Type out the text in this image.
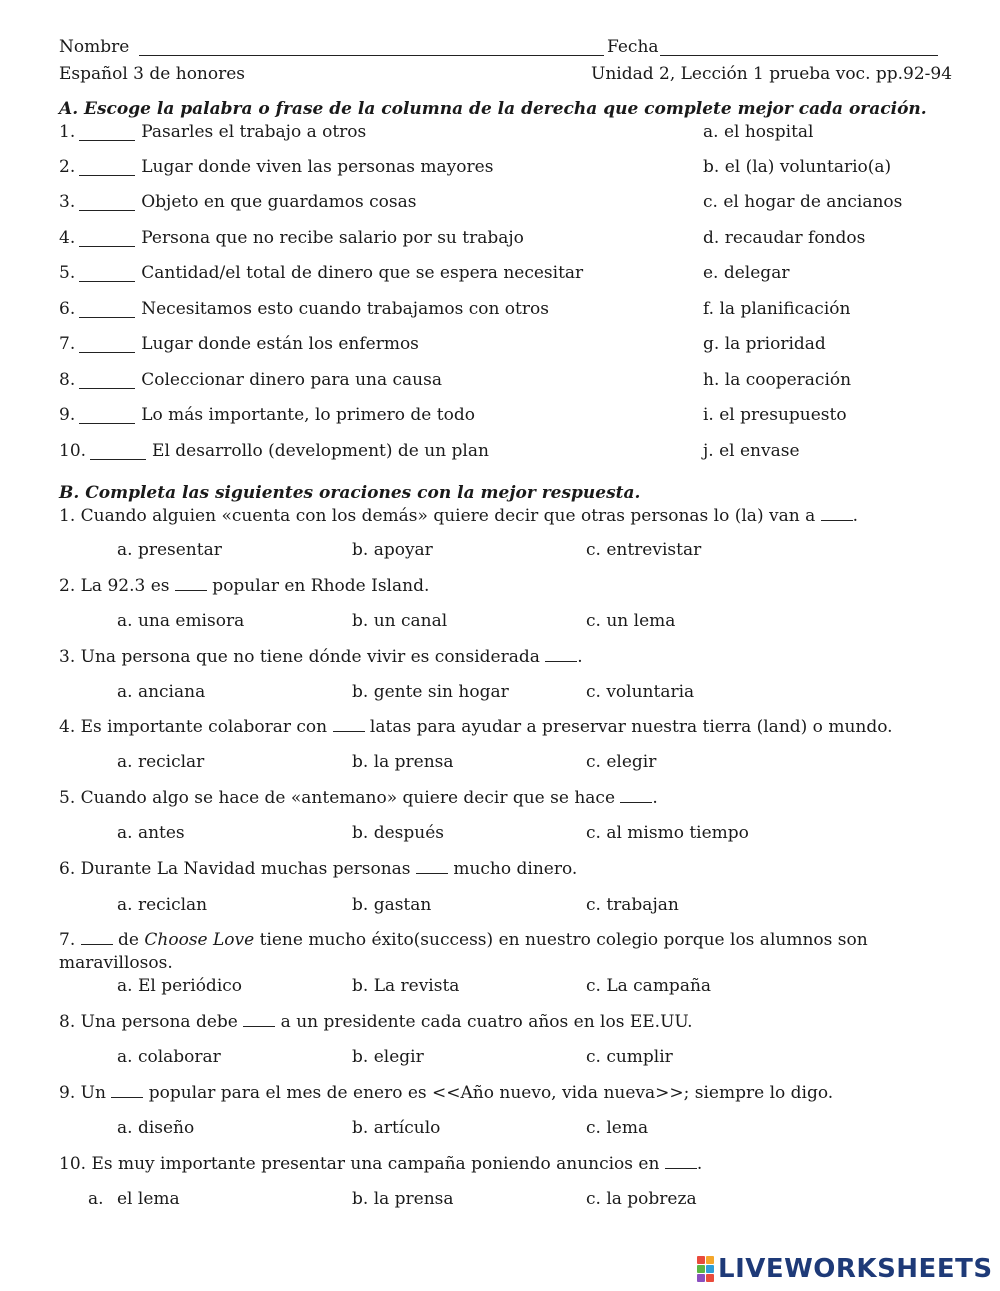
Nombre	Fecha
Español 3 de honores	Unidad 2, Lección 1 prueba voc. pp.92-94
A. Escoge la palabra o frase de la columna de la derecha que complete mejor cada oración.
1.	Pasarles el trabajo a otros	a. el hospital
2.	Lugar donde viven las personas mayores	b. el (la) voluntario(a)
3.	Objeto en que guardamos cosas	c. el hogar de ancianos
4.	Persona que no recibe salario por su trabajo	d. recaudar fondos
5.	Cantidad/el total de dinero que se espera necesitar	e. delegar
6.	Necesitamos esto cuando trabajamos con otros	f. la planificación
7.	Lugar donde están los enfermos	g. la prioridad
8.	Coleccionar dinero para una causa	h. la cooperación
9.	Lo más importante, lo primero de todo	i. el presupuesto
10.	El desarrollo (development) de un plan	j. el envase
B. Completa las siguientes oraciones con la mejor respuesta.
1. Cuando alguien «cuenta con los demás» quiere decir que otras personas lo (la) van a .
a. presentar	b. apoyar	c. entrevistar
2. La 92.3 es  popular en Rhode Island.
a. una emisora	b. un canal	c. un lema
3. Una persona que no tiene dónde vivir es considerada .
a. anciana	b. gente sin hogar	c. voluntaria
4. Es importante colaborar con  latas para ayudar a preservar nuestra tierra (land) o mundo.
a. reciclar	b. la prensa	c. elegir
5. Cuando algo se hace de «antemano» quiere decir que se hace .
a. antes	b. después	c. al mismo tiempo
6. Durante La Navidad muchas personas  mucho dinero.
a. reciclan	b. gastan	c. trabajan
7.  de Choose Love tiene mucho éxito(success) en nuestro colegio porque los alumnos son
maravillosos.
a. El periódico	b. La revista	c. La campaña
8. Una persona debe  a un presidente cada cuatro años en los EE.UU.
a. colaborar	b. elegir	c. cumplir
9. Un  popular para el mes de enero es <<Año nuevo, vida nueva>>; siempre lo digo.
a. diseño	b. artículo	c. lema
10. Es muy importante presentar una campaña poniendo anuncios en .
a. el lema	b. la prensa	c. la pobreza
LIVEWORKSHEETS
